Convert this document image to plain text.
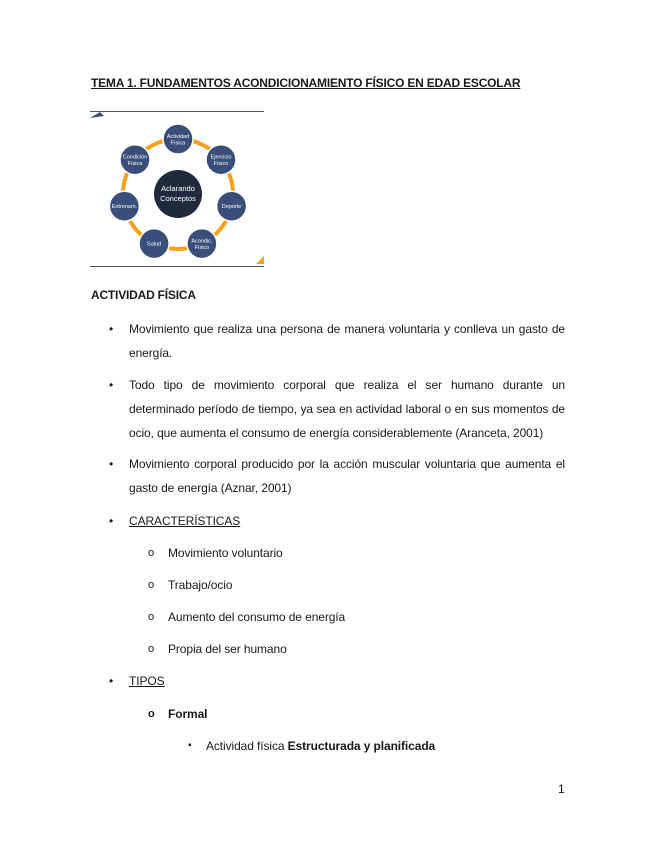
TEMA 1. FUNDAMENTOS ACONDICIONAMIENTO FÍSICO EN EDAD ESCOLAR
Actividad
Física
Ejercicio
Físico
Deporte
Acondic.
Físico
Salud
Entrenam.
Condición
Física
Aclarando
Conceptos
ACTIVIDAD FÍSICA
• Movimiento que realiza una persona de manera voluntaria y conlleva un gasto de energía.
• Todo tipo de movimiento corporal que realiza el ser humano durante un determinado período de tiempo, ya sea en actividad laboral o en sus momentos de ocio, que aumenta el consumo de energía considerablemente (Aranceta, 2001)
• Movimiento corporal producido por la acción muscular voluntaria que aumenta el gasto de energía (Aznar, 2001)
• CARACTERÍSTICAS
o Movimiento voluntario
o Trabajo/ocio
o Aumento del consumo de energía
o Propia del ser humano
• TIPOS
o Formal
▪ Actividad física Estructurada y planificada
1
